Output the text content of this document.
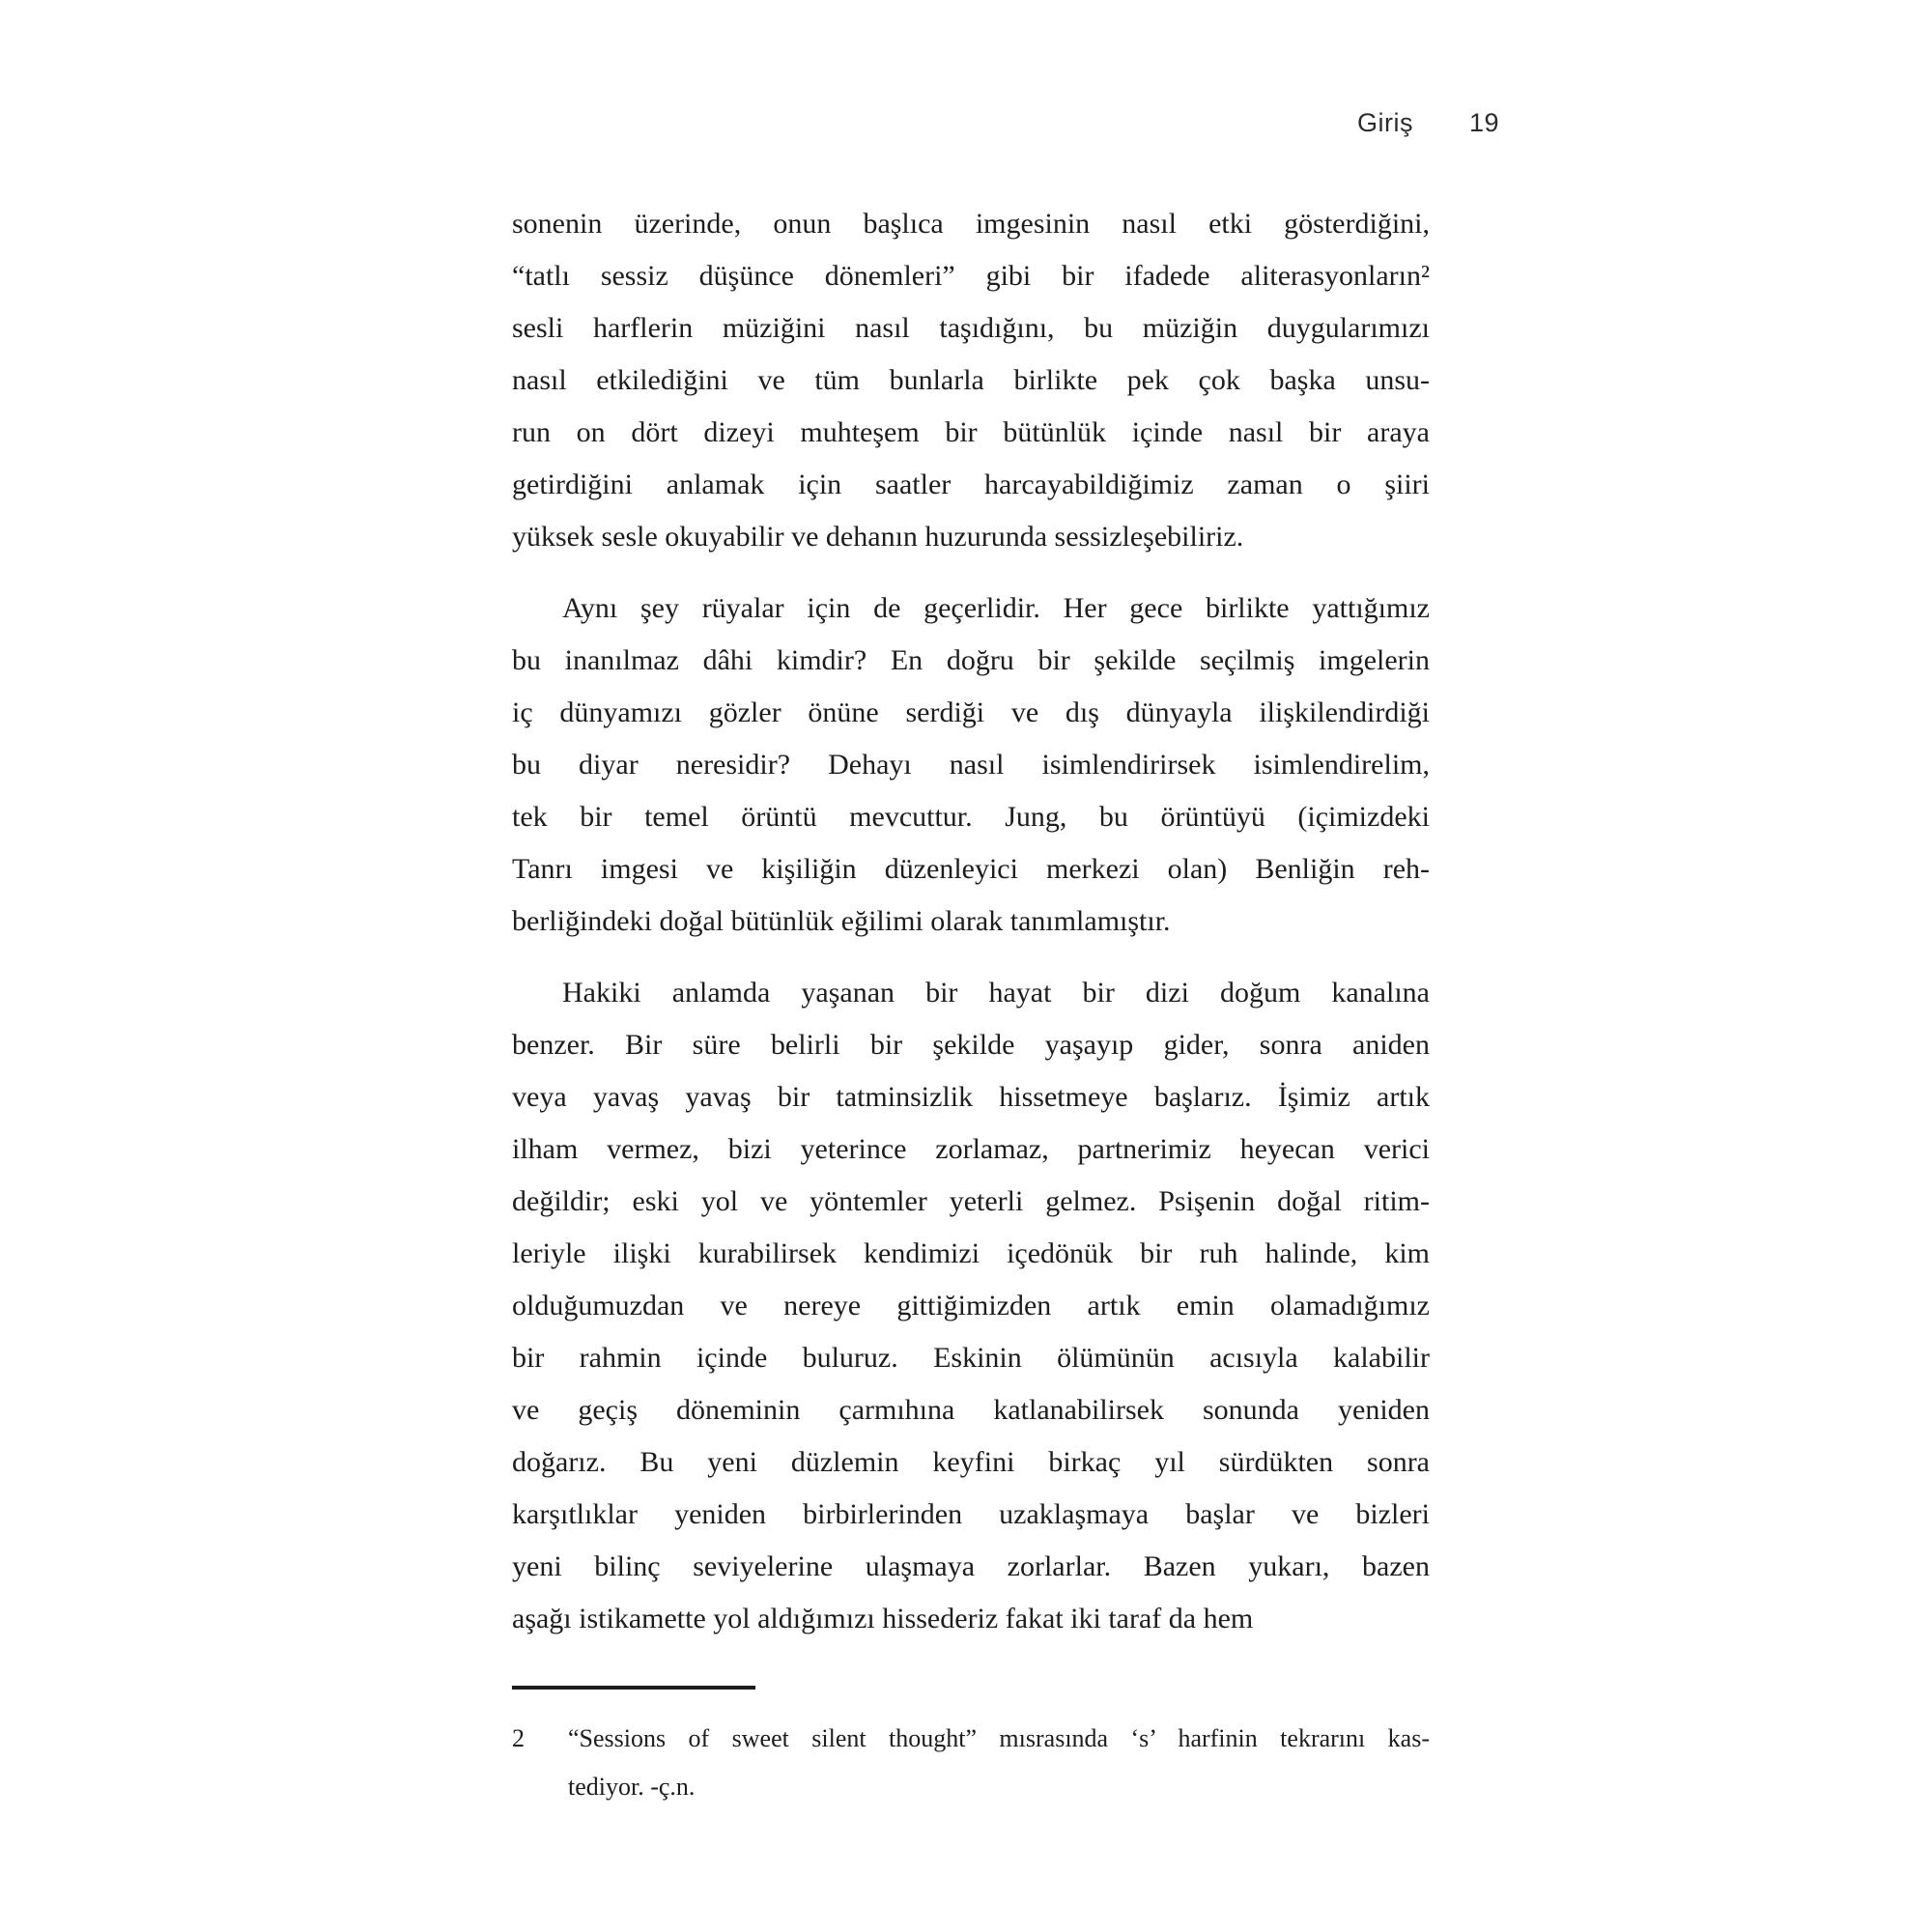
Giriş 19
sonenin üzerinde, onun başlıca imgesinin nasıl etki gösterdiğini,
“tatlı sessiz düşünce dönemleri” gibi bir ifadede aliterasyonların²
sesli harflerin müziğini nasıl taşıdığını, bu müziğin duygularımızı
nasıl etkilediğini ve tüm bunlarla birlikte pek çok başka unsu-
run on dört dizeyi muhteşem bir bütünlük içinde nasıl bir araya
getirdiğini anlamak için saatler harcayabildiğimiz zaman o şiiri
yüksek sesle okuyabilir ve dehanın huzurunda sessizleşebiliriz.
Aynı şey rüyalar için de geçerlidir. Her gece birlikte yattığımız
bu inanılmaz dâhi kimdir? En doğru bir şekilde seçilmiş imgelerin
iç dünyamızı gözler önüne serdiği ve dış dünyayla ilişkilendirdiği
bu diyar neresidir? Dehayı nasıl isimlendirirsek isimlendirelim,
tek bir temel örüntü mevcuttur. Jung, bu örüntüyü (içimizdeki
Tanrı imgesi ve kişiliğin düzenleyici merkezi olan) Benliğin reh-
berliğindeki doğal bütünlük eğilimi olarak tanımlamıştır.
Hakiki anlamda yaşanan bir hayat bir dizi doğum kanalına
benzer. Bir süre belirli bir şekilde yaşayıp gider, sonra aniden
veya yavaş yavaş bir tatminsizlik hissetmeye başlarız. İşimiz artık
ilham vermez, bizi yeterince zorlamaz, partnerimiz heyecan verici
değildir; eski yol ve yöntemler yeterli gelmez. Psişenin doğal ritim-
leriyle ilişki kurabilirsek kendimizi içedönük bir ruh halinde, kim
olduğumuzdan ve nereye gittiğimizden artık emin olamadığımız
bir rahmin içinde buluruz. Eskinin ölümünün acısıyla kalabilir
ve geçiş döneminin çarmıhına katlanabilirsek sonunda yeniden
doğarız. Bu yeni düzlemin keyfini birkaç yıl sürdükten sonra
karşıtlıklar yeniden birbirlerinden uzaklaşmaya başlar ve bizleri
yeni bilinç seviyelerine ulaşmaya zorlarlar. Bazen yukarı, bazen
aşağı istikamette yol aldığımızı hissederiz fakat iki taraf da hem
2 “Sessions of sweet silent thought” mısrasında ‘s’ harfinin tekrarını kas-
tediyor. -ç.n.
